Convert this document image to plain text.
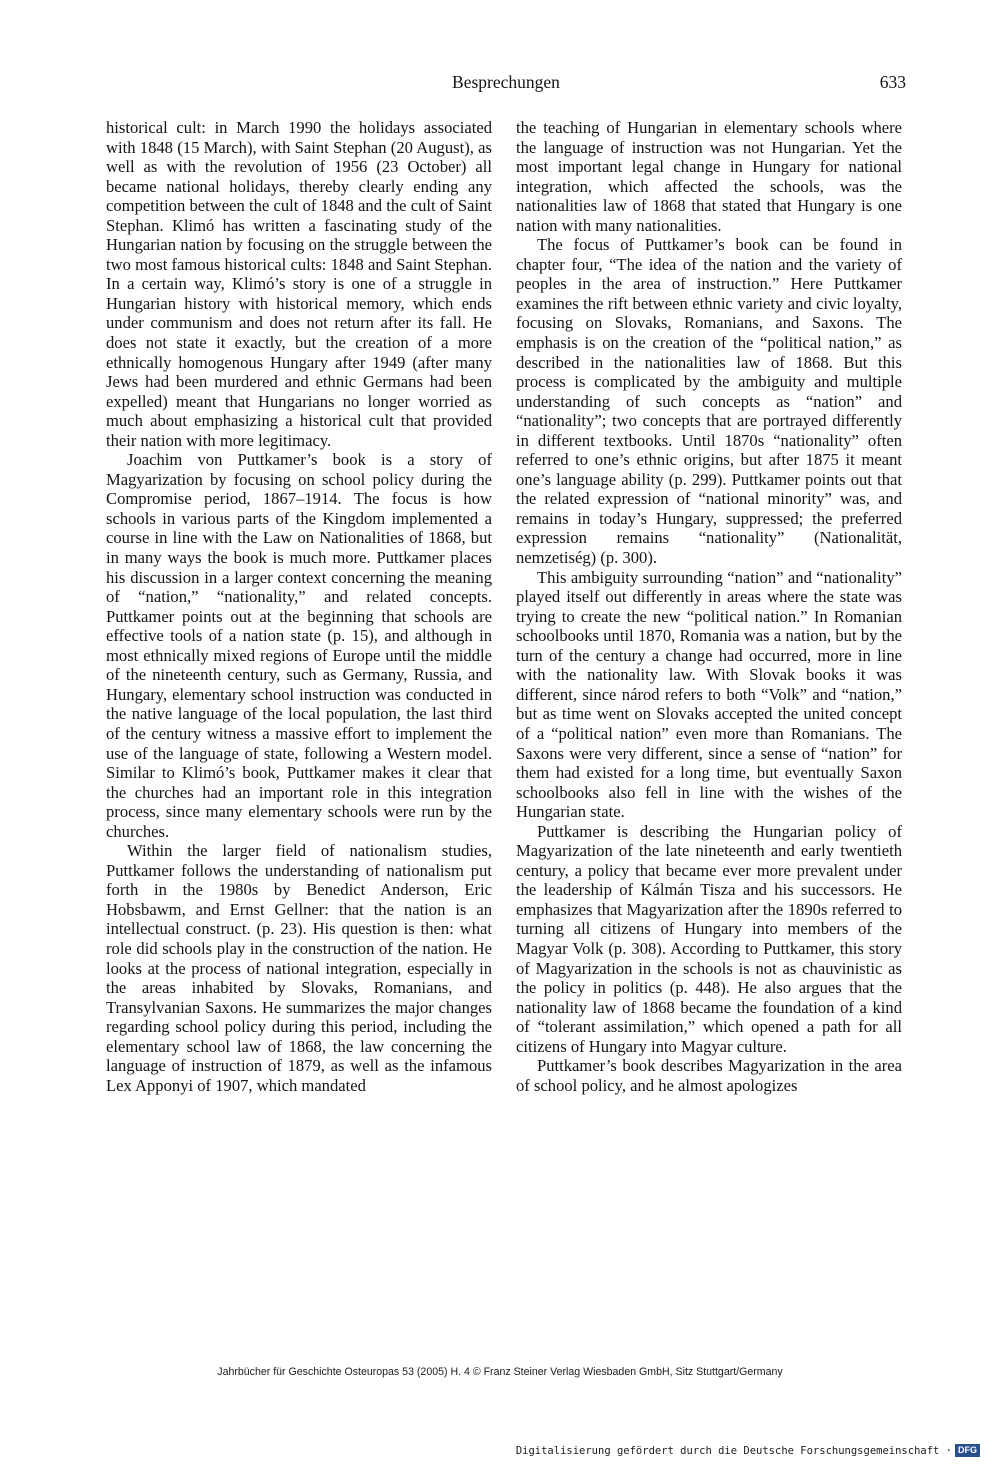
Besprechungen	633

historical cult: in March 1990 the holidays associated with 1848 (15 March), with Saint Stephan (20 August), as well as with the revolution of 1956 (23 October) all became national holidays, thereby clearly ending any competition between the cult of 1848 and the cult of Saint Stephan. Klimó has written a fascinating study of the Hungarian nation by focusing on the struggle between the two most famous historical cults: 1848 and Saint Stephan. In a certain way, Klimó’s story is one of a struggle in Hungarian history with historical memory, which ends under communism and does not return after its fall. He does not state it exactly, but the creation of a more ethnically homogenous Hungary after 1949 (after many Jews had been murdered and ethnic Germans had been expelled) meant that Hungarians no longer worried as much about emphasizing a historical cult that provided their nation with more legitimacy.

Joachim von Puttkamer’s book is a story of Magyarization by focusing on school policy during the Compromise period, 1867–1914. The focus is how schools in various parts of the Kingdom implemented a course in line with the Law on Nationalities of 1868, but in many ways the book is much more. Puttkamer places his discussion in a larger context concerning the meaning of “nation,” “nationality,” and related concepts. Puttkamer points out at the beginning that schools are effective tools of a nation state (p. 15), and although in most ethnically mixed regions of Europe until the middle of the nineteenth century, such as Germany, Russia, and Hungary, elementary school instruction was conducted in the native language of the local population, the last third of the century witness a massive effort to implement the use of the language of state, following a Western model. Similar to Klimó’s book, Puttkamer makes it clear that the churches had an important role in this integration process, since many elementary schools were run by the churches.

Within the larger field of nationalism studies, Puttkamer follows the understanding of nationalism put forth in the 1980s by Benedict Anderson, Eric Hobsbawm, and Ernst Gellner: that the nation is an intellectual construct. (p. 23). His question is then: what role did schools play in the construction of the nation. He looks at the process of national integration, especially in the areas inhabited by Slovaks, Romanians, and Transylvanian Saxons. He summarizes the major changes regarding school policy during this period, including the elementary school law of 1868, the law concerning the language of instruction of 1879, as well as the infamous Lex Apponyi of 1907, which mandated

the teaching of Hungarian in elementary schools where the language of instruction was not Hungarian. Yet the most important legal change in Hungary for national integration, which affected the schools, was the nationalities law of 1868 that stated that Hungary is one nation with many nationalities.

The focus of Puttkamer’s book can be found in chapter four, “The idea of the nation and the variety of peoples in the area of instruction.” Here Puttkamer examines the rift between ethnic variety and civic loyalty, focusing on Slovaks, Romanians, and Saxons. The emphasis is on the creation of the “political nation,” as described in the nationalities law of 1868. But this process is complicated by the ambiguity and multiple understanding of such concepts as “nation” and “nationality”; two concepts that are portrayed differently in different textbooks. Until 1870s “nationality” often referred to one’s ethnic origins, but after 1875 it meant one’s language ability (p. 299). Puttkamer points out that the related expression of “national minority” was, and remains in today’s Hungary, suppressed; the preferred expression remains “nationality” (Nationalität, nemzetiség) (p. 300).

This ambiguity surrounding “nation” and “nationality” played itself out differently in areas where the state was trying to create the new “political nation.” In Romanian schoolbooks until 1870, Romania was a nation, but by the turn of the century a change had occurred, more in line with the nationality law. With Slovak books it was different, since národ refers to both “Volk” and “nation,” but as time went on Slovaks accepted the united concept of a “political nation” even more than Romanians. The Saxons were very different, since a sense of “nation” for them had existed for a long time, but eventually Saxon schoolbooks also fell in line with the wishes of the Hungarian state.

Puttkamer is describing the Hungarian policy of Magyarization of the late nineteenth and early twentieth century, a policy that became ever more prevalent under the leadership of Kálmán Tisza and his successors. He emphasizes that Magyarization after the 1890s referred to turning all citizens of Hungary into members of the Magyar Volk (p. 308). According to Puttkamer, this story of Magyarization in the schools is not as chauvinistic as the policy in politics (p. 448). He also argues that the nationality law of 1868 became the foundation of a kind of “tolerant assimilation,” which opened a path for all citizens of Hungary into Magyar culture.

Puttkamer’s book describes Magyarization in the area of school policy, and he almost apologizes

Jahrbücher für Geschichte Osteuropas 53 (2005) H. 4 © Franz Steiner Verlag Wiesbaden GmbH, Sitz Stuttgart/Germany
Digitalisierung gefördert durch die Deutsche Forschungsgemeinschaft · DFG
